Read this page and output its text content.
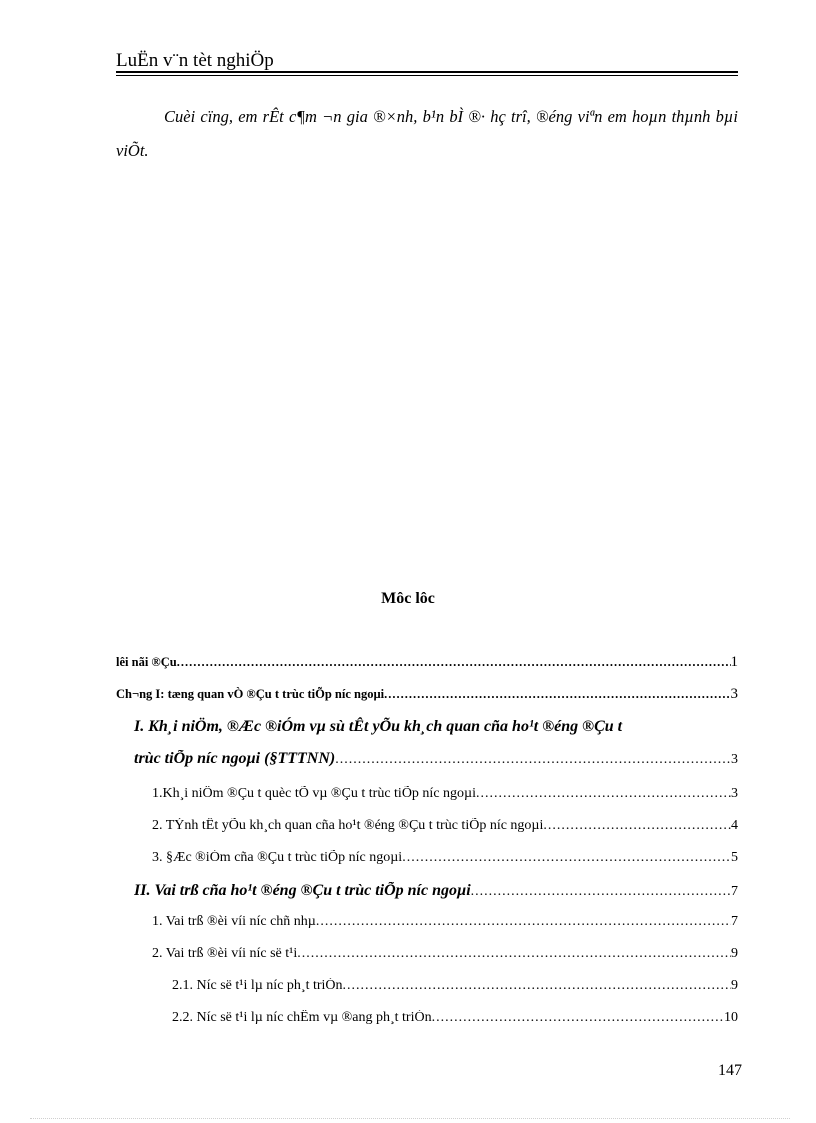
LuËn v¨n tèt nghiÖp
Cuèi cïng, em rÊt c¶m ¬n gia ®×nh, b¹n bÌ ®· hç trî, ®éng viªn em hoµn thµnh bµi viÕt.
Môc lôc
lêi nãi ®Çu .....	1
Ch¬ng I: tæng quan vÒ ®Çu t trùc tiÕp níc ngoµi .....	3
I. Kh¸i niÖm, ®Æc ®iÓm vµ sù tÊt yÕu kh¸ch quan cña ho¹t ®éng ®Çu t
trùc tiÕp níc ngoµi (§TTTNN) .....	3
1.Kh¸i niÖm ®Çu t quèc tÕ vµ ®Çu t trùc tiÕp níc ngoµi .....	3
2. TÝnh tÊt yÕu kh¸ch quan cña ho¹t ®éng ®Çu t trùc tiÕp níc ngoµi .....	4
3. §Æc ®iÓm cña ®Çu t trùc tiÕp níc ngoµi .....	5
II. Vai trß cña ho¹t ®éng ®Çu t trùc tiÕp níc ngoµi .....	7
1. Vai trß ®èi víi níc chñ nhµ .....	7
2. Vai trß ®èi víi níc së t¹i .....	9
2.1. Níc së t¹i lµ níc ph¸t triÓn .....	9
2.2. Níc së t¹i lµ níc chËm vµ ®ang ph¸t triÓn .....	10
147
